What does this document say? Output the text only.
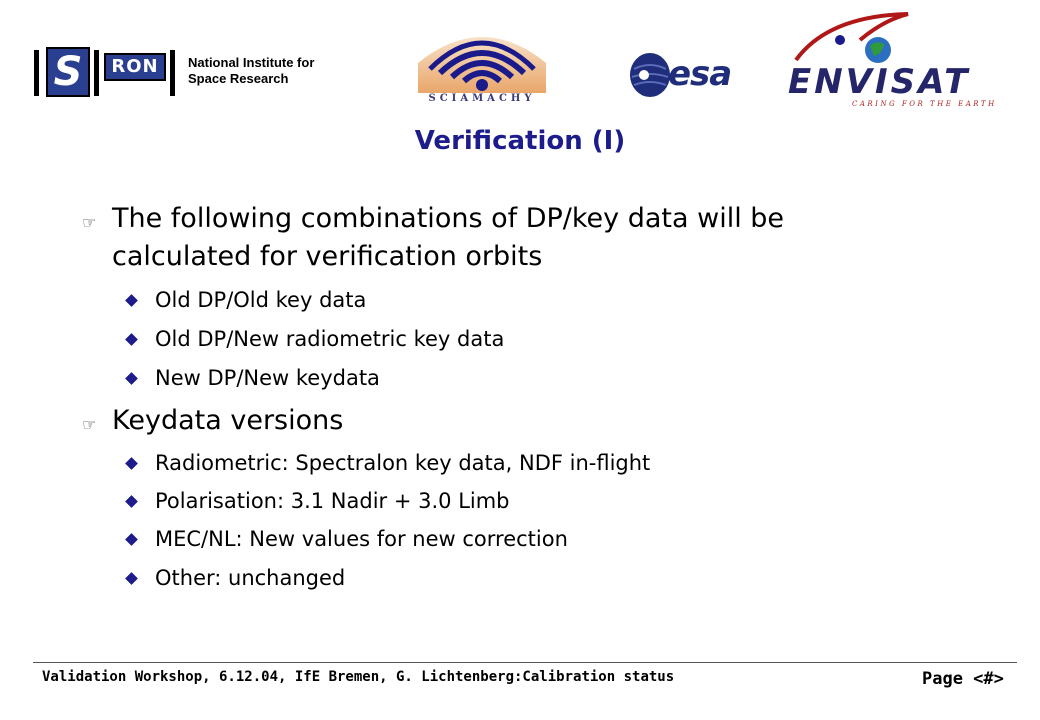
S	RON	National Institute for
Space Research
SCIAMACHY
esa ENVISAT
CARING FOR THE EARTH
Verification (I)
☞ The following combinations of DP/key data will be
calculated for verification orbits
Old DP/Old key data
Old DP/New radiometric key data
New DP/New keydata
☞ Keydata versions
Radiometric: Spectralon key data, NDF in-flight
Polarisation: 3.1 Nadir + 3.0 Limb
MEC/NL: New values for new correction
Other: unchanged
Validation Workshop, 6.12.04, IfE Bremen, G. Lichtenberg:Calibration status	Page <#>
